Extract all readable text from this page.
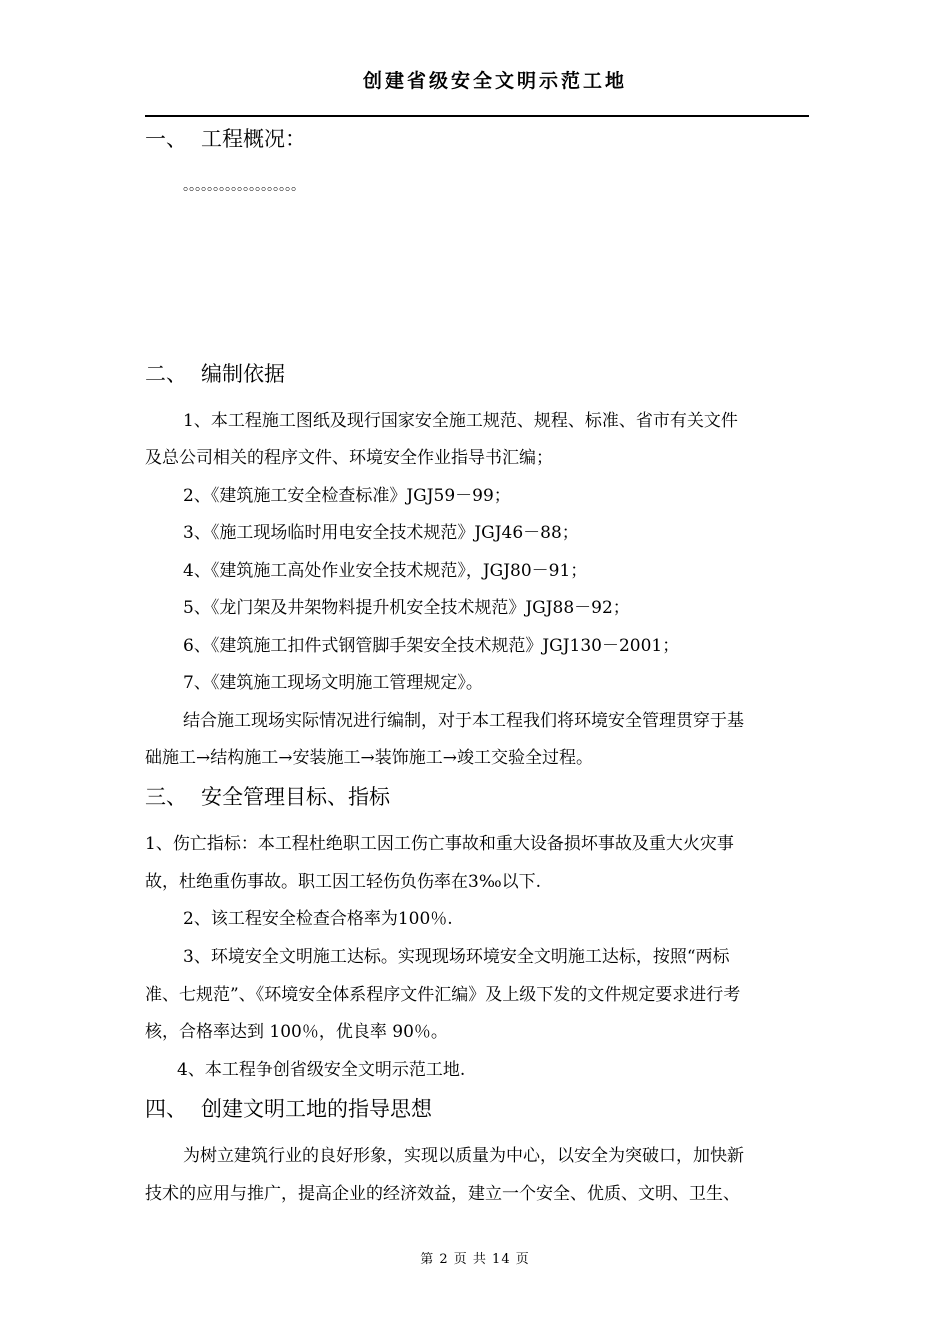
创建省级安全文明示范工地
一、 工程概况：
。。。。。。。。。。。。。。。。。。。
二、 编制依据
1、本工程施工图纸及现行国家安全施工规范、规程、标准、省市有关文件
及总公司相关的程序文件、环境安全作业指导书汇编；
2、《建筑施工安全检查标准》JGJ59－99；
3、《施工现场临时用电安全技术规范》JGJ46－88；
4、《建筑施工高处作业安全技术规范》，JGJ80－91；
5、《龙门架及井架物料提升机安全技术规范》JGJ88－92；
6、《建筑施工扣件式钢管脚手架安全技术规范》JGJ130－2001；
7、《建筑施工现场文明施工管理规定》。
结合施工现场实际情况进行编制，对于本工程我们将环境安全管理贯穿于基
础施工→结构施工→安装施工→装饰施工→竣工交验全过程。
三、 安全管理目标、指标
1、伤亡指标：本工程杜绝职工因工伤亡事故和重大设备损坏事故及重大火灾事
故，杜绝重伤事故。职工因工轻伤负伤率在3‰以下.
2、该工程安全检查合格率为100％.
3、环境安全文明施工达标。实现现场环境安全文明施工达标，按照“两标
准、七规范”、《环境安全体系程序文件汇编》及上级下发的文件规定要求进行考
核，合格率达到 100％，优良率 90％。
4、本工程争创省级安全文明示范工地.
四、 创建文明工地的指导思想
为树立建筑行业的良好形象，实现以质量为中心，以安全为突破口，加快新
技术的应用与推广，提高企业的经济效益，建立一个安全、优质、文明、卫生、
第 2 页 共 14 页
